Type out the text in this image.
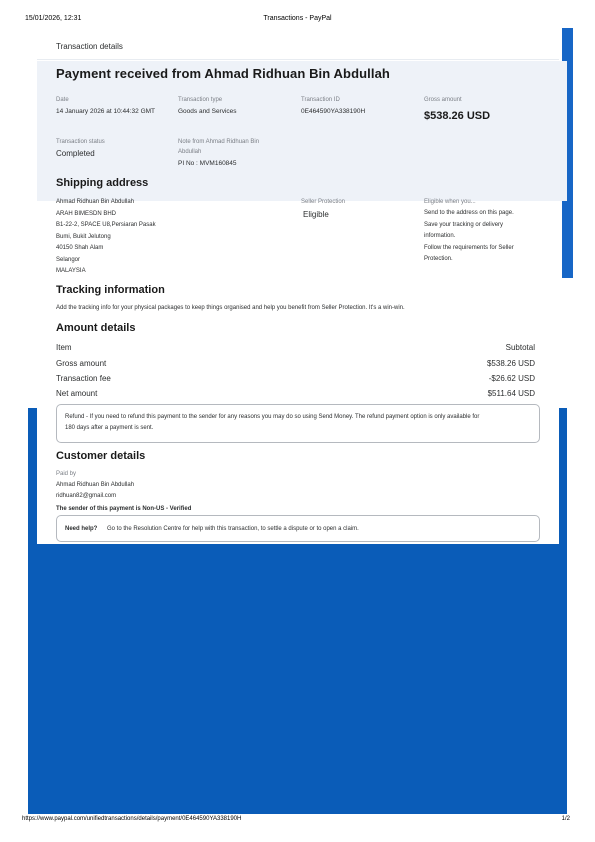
15/01/2026, 12:31	Transactions - PayPal
Transaction details
Payment received from Ahmad Ridhuan Bin Abdullah
Date
14 January 2026 at 10:44:32 GMT
Transaction type
Goods and Services
Transaction ID
0E464590YA338190H
Gross amount
$538.26 USD
Transaction status
Completed
Note from Ahmad Ridhuan Bin
Abdullah
PI No : MVM160845
Shipping address
Ahmad Ridhuan Bin Abdullah
ARAH BIMESDN BHD
B1-22-2, SPACE U8,Persiaran Pasak
Bumi, Bukit Jelutong
40150 Shah Alam
Selangor
MALAYSIA
Seller Protection
Eligible
Eligible when you...
Send to the address on this page.
Save your tracking or delivery
information.
Follow the requirements for Seller
Protection.
Tracking information
Add the tracking info for your physical packages to keep things organised and help you benefit from Seller Protection. It's a win-win.
Amount details
Item	Subtotal
Gross amount	$538.26 USD
Transaction fee	-$26.62 USD
Net amount	$511.64 USD
Refund - If you need to refund this payment to the sender for any reasons you may do so using Send Money. The refund payment option is only available for
180 days after a payment is sent.
Customer details
Paid by
Ahmad Ridhuan Bin Abdullah
ridhuan82@gmail.com
The sender of this payment is Non-US - Verified
Need help? Go to the Resolution Centre for help with this transaction, to settle a dispute or to open a claim.
https://www.paypal.com/unifiedtransactions/details/payment/0E464590YA338190H	1/2
